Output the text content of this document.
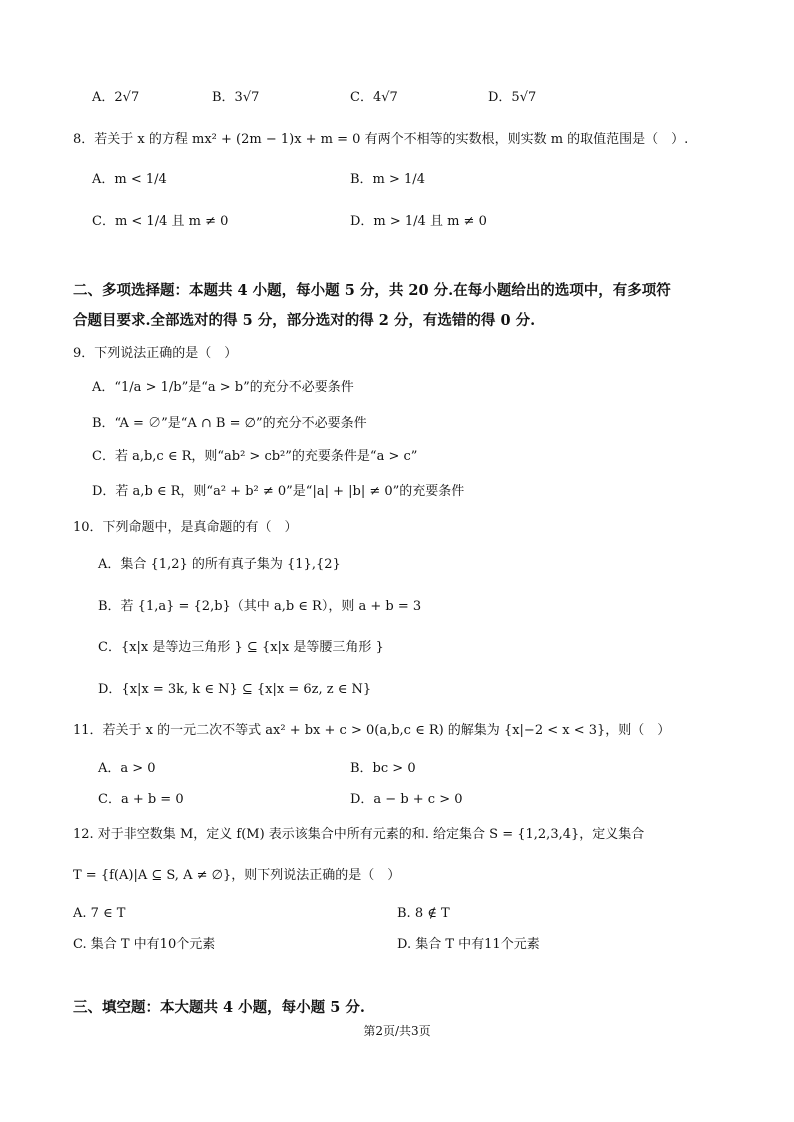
A．2√7	B．3√7	C．4√7	D．5√7
8．若关于 x 的方程 mx² + (2m − 1)x + m = 0 有两个不相等的实数根，则实数 m 的取值范围是（　）.
A．m < 1/4	B．m > 1/4
C．m < 1/4 且 m ≠ 0	D．m > 1/4 且 m ≠ 0
二、多项选择题：本题共 4 小题，每小题 5 分，共 20 分.在每小题给出的选项中，有多项符
合题目要求.全部选对的得 5 分，部分选对的得 2 分，有选错的得 0 分.
9．下列说法正确的是（　）
A．“1/a > 1/b”是“a > b”的充分不必要条件
B．“A = ∅”是“A ∩ B = ∅”的充分不必要条件
C．若 a,b,c ∈ R，则“ab² > cb²”的充要条件是“a > c”
D．若 a,b ∈ R，则“a² + b² ≠ 0”是“|a| + |b| ≠ 0”的充要条件
10．下列命题中，是真命题的有（　）
A．集合 {1,2} 的所有真子集为 {1},{2}
B．若 {1,a} = {2,b}（其中 a,b ∈ R），则 a + b = 3
C．{x|x 是等边三角形 } ⊆ {x|x 是等腰三角形 }
D．{x|x = 3k, k ∈ N} ⊆ {x|x = 6z, z ∈ N}
11．若关于 x 的一元二次不等式 ax² + bx + c > 0(a,b,c ∈ R) 的解集为 {x|−2 < x < 3}，则（　）
A．a > 0	B．bc > 0
C．a + b = 0	D．a − b + c > 0
12. 对于非空数集 M，定义 f(M) 表示该集合中所有元素的和. 给定集合 S = {1,2,3,4}，定义集合
T = {f(A)|A ⊆ S, A ≠ ∅}，则下列说法正确的是（　）
A. 7 ∈ T	B. 8 ∉ T
C. 集合 T 中有10个元素	D. 集合 T 中有11个元素
三、填空题：本大题共 4 小题，每小题 5 分.
第2页/共3页
